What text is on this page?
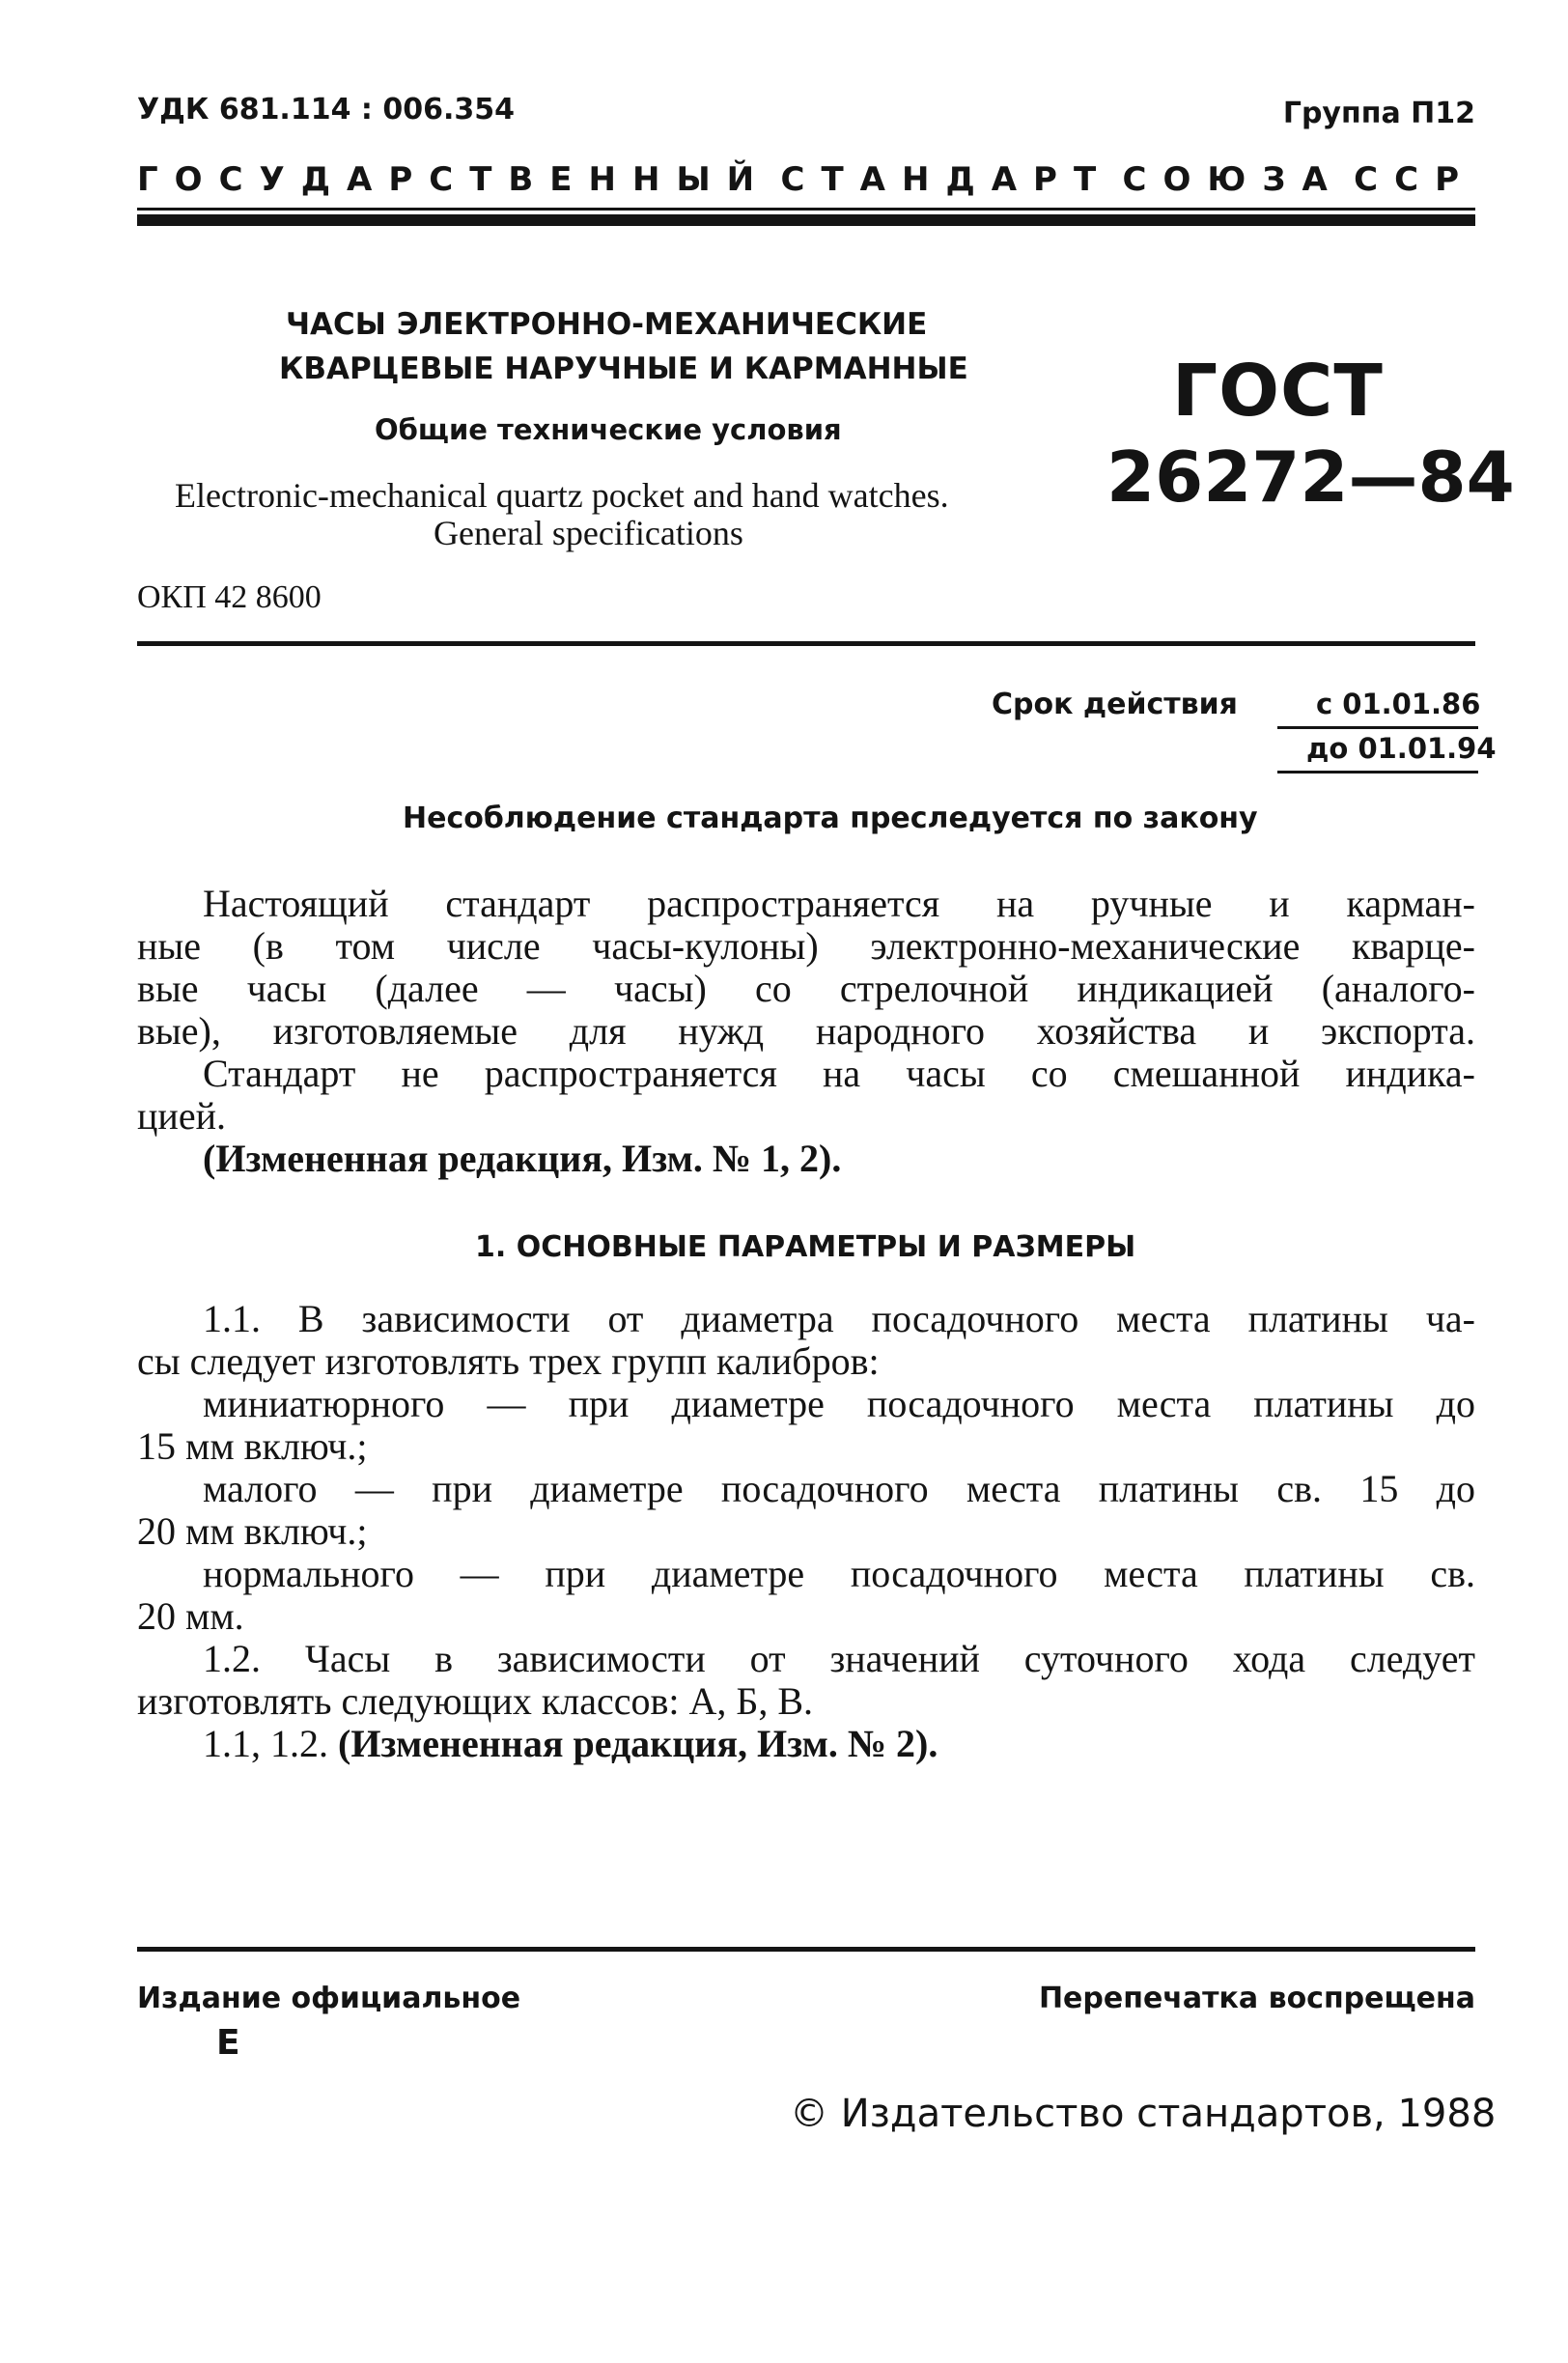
УДК 681.114 : 006.354	Группа П12
ГОСУДАРСТВЕННЫЙ СТАНДАРТ СОЮЗА ССР
ЧАСЫ ЭЛЕКТРОННО-МЕХАНИЧЕСКИЕ
КВАРЦЕВЫЕ НАРУЧНЫЕ И КАРМАННЫЕ
Общие технические условия
Electronic-mechanical quartz pocket and hand watches.
General specifications
ГОСТ
26272—84
ОКП 42 8600
Срок действия	с 01.01.86
до 01.01.94
Несоблюдение стандарта преследуется по закону
Настоящий стандарт распространяется на ручные и карман-
ные (в том числе часы-кулоны) электронно-механические кварце-
вые часы (далее — часы) со стрелочной индикацией (аналого-
вые), изготовляемые для нужд народного хозяйства и экспорта.
Стандарт не распространяется на часы со смешанной индика-
цией.
(Измененная редакция, Изм. № 1, 2).
1. ОСНОВНЫЕ ПАРАМЕТРЫ И РАЗМЕРЫ
1.1. В зависимости от диаметра посадочного места платины ча-
сы следует изготовлять трех групп калибров:
миниатюрного — при диаметре посадочного места платины до
15 мм включ.;
малого — при диаметре посадочного места платины св. 15 до
20 мм включ.;
нормального — при диаметре посадочного места платины св.
20 мм.
1.2. Часы в зависимости от значений суточного хода следует
изготовлять следующих классов: А, Б, В.
1.1, 1.2. (Измененная редакция, Изм. № 2).
Издание официальное
Е
Перепечатка воспрещена
© Издательство стандартов, 1988
